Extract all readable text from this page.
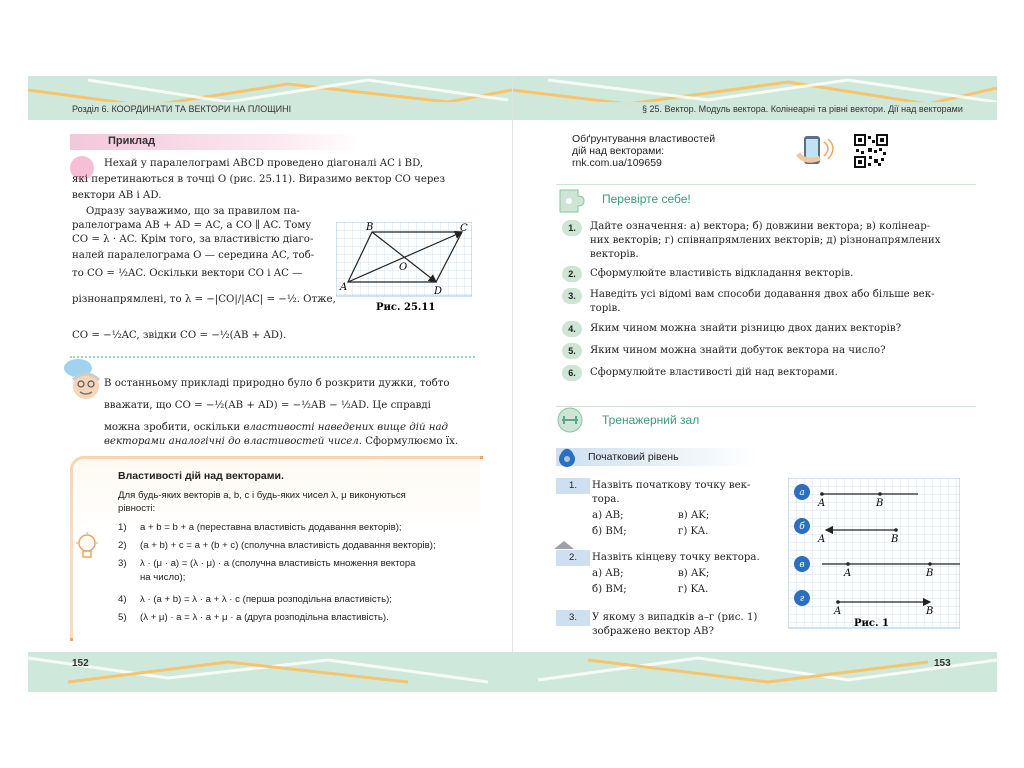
Розділ 6. КООРДИНАТИ ТА ВЕКТОРИ НА ПЛОЩИНІ	§ 25. Вектор. Модуль вектора. Колінеарні та рівні вектори. Дії над векторами
152	153
Приклад
Нехай у паралелограмі ABCD проведено діагоналі AC і BD,
які перетинаються в точці O (рис. 25.11). Виразимо вектор CO через
вектори AB і AD.
Одразу зауважимо, що за правилом па-
ралелограма AB + AD = AC, а CO ∥ AC. Тому
CO = λ · AC. Крім того, за властивістю діаго-
налей паралелограма O — середина AC, тоб-
то CO = ½AC. Оскільки вектори CO і AC —
різнонапрямлені, то λ = −|CO|/|AC| = −½. Отже,
CO = −½AC, звідки CO = −½(AB + AD).
A
B	C
D
O
Рис. 25.11
В останньому прикладі природно було б розкрити дужки, тобто
вважати, що CO = −½(AB + AD) = −½AB − ½AD. Це справді
можна зробити, оскільки властивості наведених вище дій над
векторами аналогічні до властивостей чисел. Сформулюємо їх.
Властивості дій над векторами.
Для будь-яких векторів a, b, c і будь-яких чисел λ, μ виконуються
рівності:
1) a + b = b + a (переставна властивість додавання векторів);
2) (a + b) + c = a + (b + c) (сполучна властивість додавання векторів);
3) λ · (μ · a) = (λ · μ) · a (сполучна властивість множення вектора
на число);
4) λ · (a + b) = λ · a + λ · c (перша розподільна властивість);
5) (λ + μ) · a = λ · a + μ · a (друга розподільна властивість).
Обґрунтування властивостей
дій над векторами:
rnk.com.ua/109659
Перевірте себе!
1.	Дайте означення: а) вектора; б) довжини вектора; в) колінеар-
них векторів; г) співнапрямлених векторів; д) різнонапрямлених
векторів.
2.	Сформулюйте властивість відкладання векторів.
3.	Наведіть усі відомі вам способи додавання двох або більше век-
торів.
4.	Яким чином можна знайти різницю двох даних векторів?
5.	Яким чином можна знайти добуток вектора на число?
6.	Сформулюйте властивості дій над векторами.
Тренажерний зал
Початковий рівень
1.	Назвіть початкову точку век-
тора.
а) AB;	в) AK;
б) BM;	г) KA.
2.	Назвіть кінцеву точку вектора.
а) AB;	в) AK;
б) BM;	г) KA.
3.	У якому з випадків а–г (рис. 1)
зображено вектор AB?
а
A	B
б
A	B
в
A	B
г
A	B
Рис. 1
